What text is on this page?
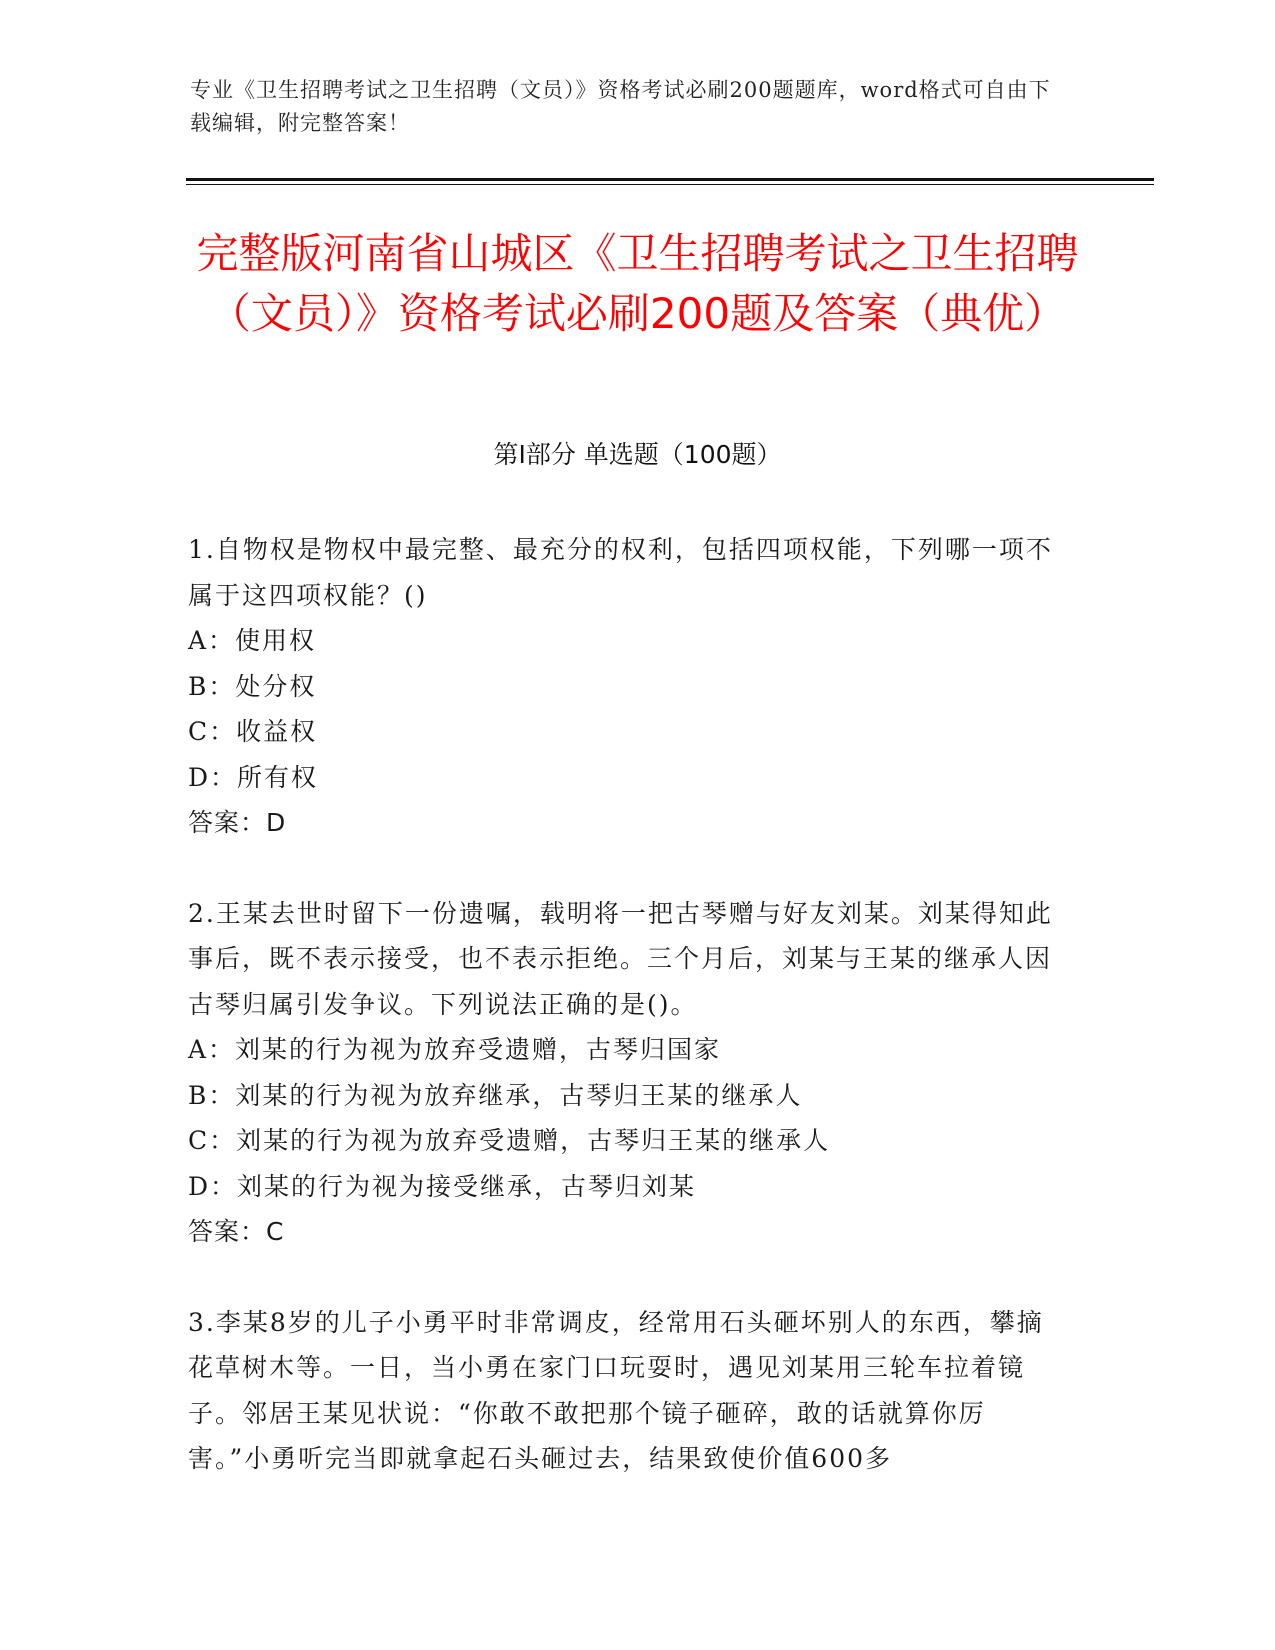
专业《卫生招聘考试之卫生招聘（文员）》资格考试必刷200题题库，word格式可自由下载编辑，附完整答案！
完整版河南省山城区《卫生招聘考试之卫生招聘（文员）》资格考试必刷200题及答案（典优）
第Ⅰ部分 单选题（100题）

1.自物权是物权中最完整、最充分的权利，包括四项权能，下列哪一项不属于这四项权能？()

A：使用权

B：处分权

C：收益权

D：所有权

答案：D

2.王某去世时留下一份遗嘱，载明将一把古琴赠与好友刘某。刘某得知此事后，既不表示接受，也不表示拒绝。三个月后，刘某与王某的继承人因古琴归属引发争议。下列说法正确的是()。

A：刘某的行为视为放弃受遗赠，古琴归国家

B：刘某的行为视为放弃继承，古琴归王某的继承人

C：刘某的行为视为放弃受遗赠，古琴归王某的继承人

D：刘某的行为视为接受继承，古琴归刘某

答案：C

3.李某8岁的儿子小勇平时非常调皮，经常用石头砸坏别人的东西，攀摘花草树木等。一日，当小勇在家门口玩耍时，遇见刘某用三轮车拉着镜子。邻居王某见状说：“你敢不敢把那个镜子砸碎，敢的话就算你厉害。”小勇听完当即就拿起石头砸过去，结果致使价值600多
